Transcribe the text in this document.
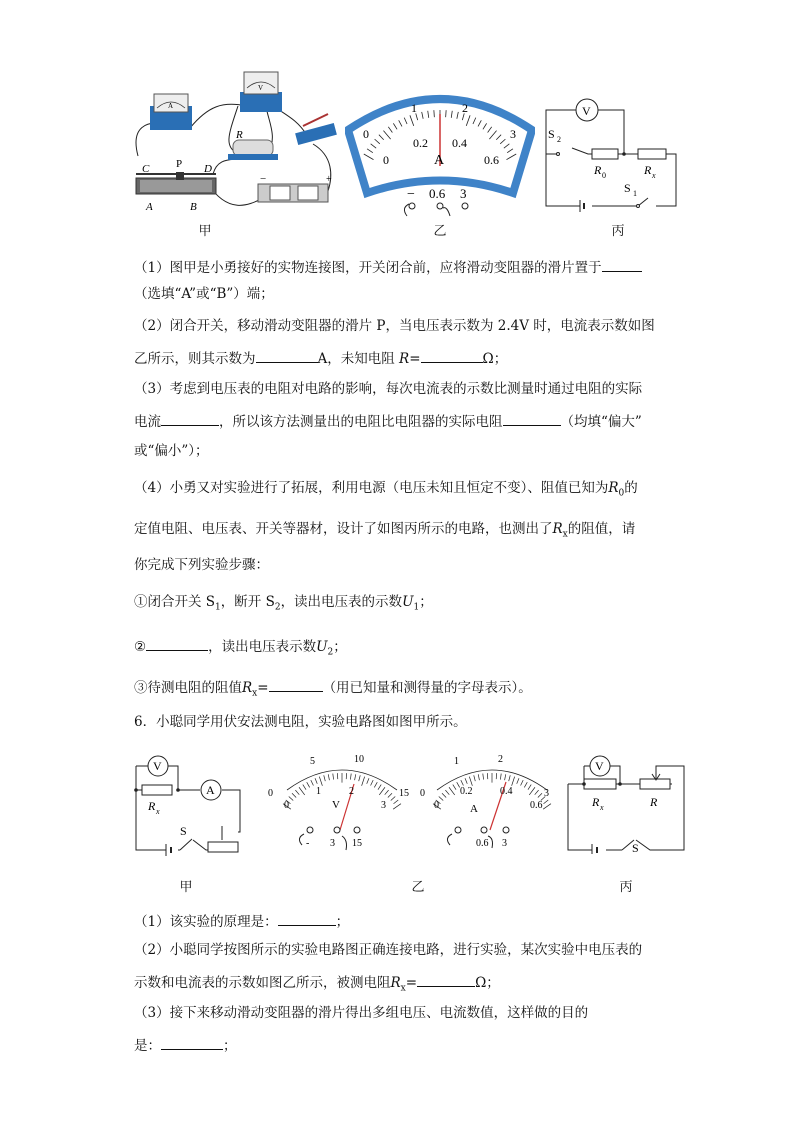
A
V
R
−	+
C P D
A	B
甲
0
1	2
3
0
0.2 0.4
0.6
A
− 0.6 3
乙
V
S 2
R 0	R x
S 1
丙
（1）图甲是小勇接好的实物连接图，开关闭合前，应将滑动变阻器的滑片置于
（选填“A”或“B”）端；
（2）闭合开关，移动滑动变阻器的滑片 P，当电压表示数为 2.4V 时，电流表示数如图
乙所示，则其示数为	A，未知电阻 R=	Ω；
（3）考虑到电压表的电阻对电路的影响，每次电流表的示数比测量时通过电阻的实际
电流	，所以该方法测量出的电阻比电阻器的实际电阻	（均填“偏大”
或“偏小”）；
（4）小勇又对实验进行了拓展，利用电源（电压未知且恒定不变）、阻值已知为$R_0$的
定值电阻、电压表、开关等器材，设计了如图丙所示的电路，也测出了$R_x$的阻值，请
你完成下列实验步骤：
①闭合开关 $S_1$，断开 $S_2$，读出电压表的示数$U_1$；
②	，读出电压表示数$U_2$；
③待测电阻的阻值$R_x=$	（用已知量和测得量的字母表示）。
6．小聪同学用伏安法测电阻，实验电路图如图甲所示。
V
A
R x
S
甲
0
5	10
15
0
1	2
3
V
- 3 15
0
1	2
3
0
0.2	0.4
0.6
A
0.6 3
乙
V
R x	R
S
丙
（1）该实验的原理是：	；
（2）小聪同学按图所示的实验电路图正确连接电路，进行实验，某次实验中电压表的
示数和电流表的示数如图乙所示，被测电阻$R_x=$	Ω；
（3）接下来移动滑动变阻器的滑片得出多组电压、电流数值，这样做的目的
是：	；
